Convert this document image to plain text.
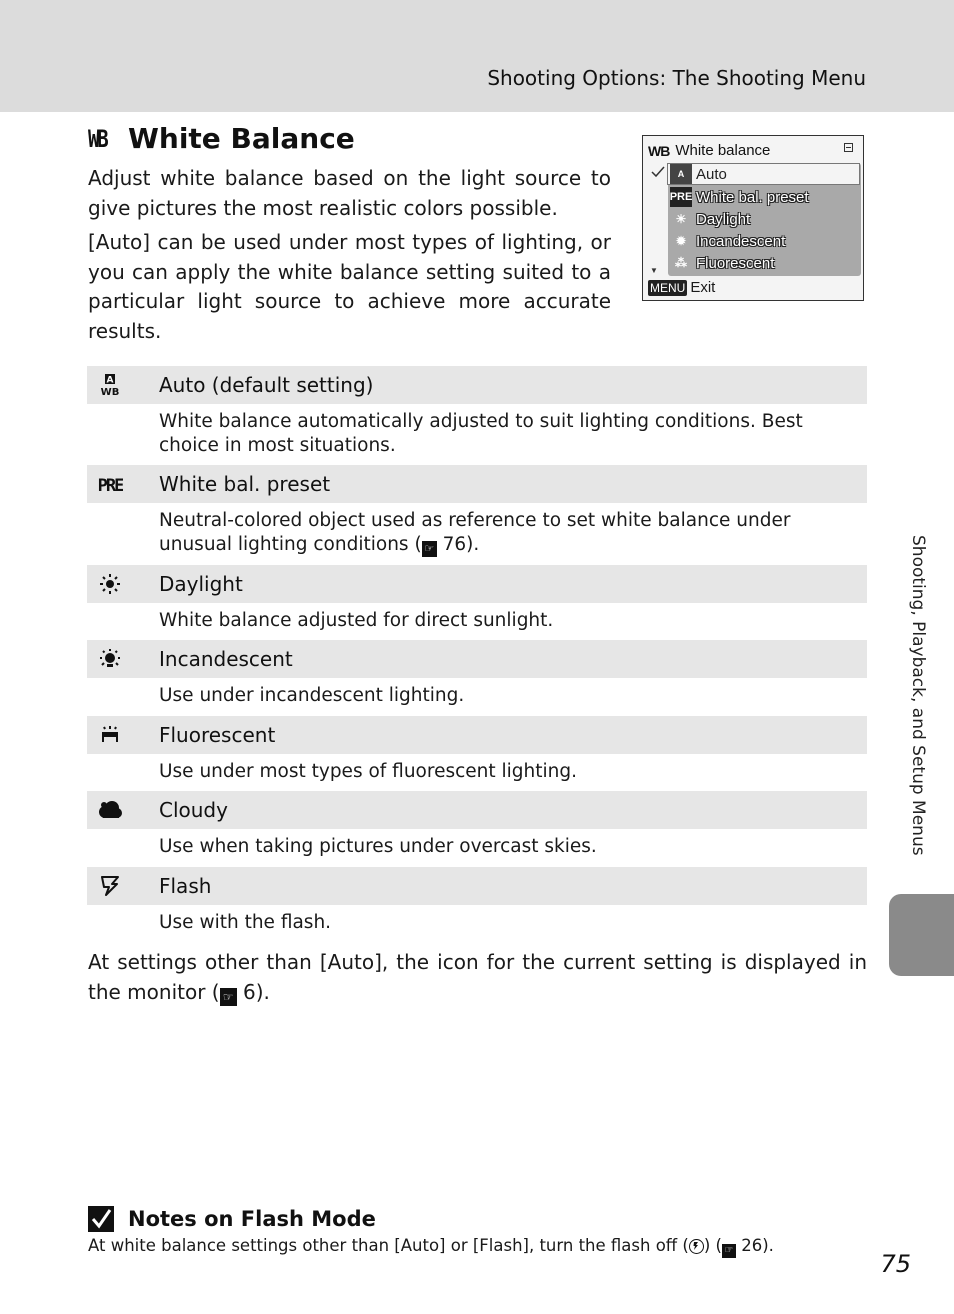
Shooting Options: The Shooting Menu
WB White Balance

Adjust white balance based on the light source to give pictures the most realistic colors possible.

[Auto] can be used under most types of lighting, or you can apply the white balance setting suited to a particular light source to achieve more accurate results.

WB White balance
A Auto
PRE White bal. preset
☀ Daylight
✹ Incandescent
⁂ Fluorescent
▼
MENU Exit
A
WB Auto (default setting)
White balance automatically adjusted to suit lighting conditions. Best choice in most situations.
PRE White bal. preset
Neutral-colored object used as reference to set white balance under unusual lighting conditions ( ☞ 76).
Daylight
White balance adjusted for direct sunlight.
Incandescent
Use under incandescent lighting.
Fluorescent
Use under most types of fluorescent lighting.
Cloudy
Use when taking pictures under overcast skies.
Flash
Use with the flash.

At settings other than [Auto], the icon for the current setting is displayed in the monitor ( ☞ 6).

Notes on Flash Mode
At white balance settings other than [Auto] or [Flash], turn the flash off ( ) ( ☞ 26).
75
Shooting, Playback, and Setup Menus
